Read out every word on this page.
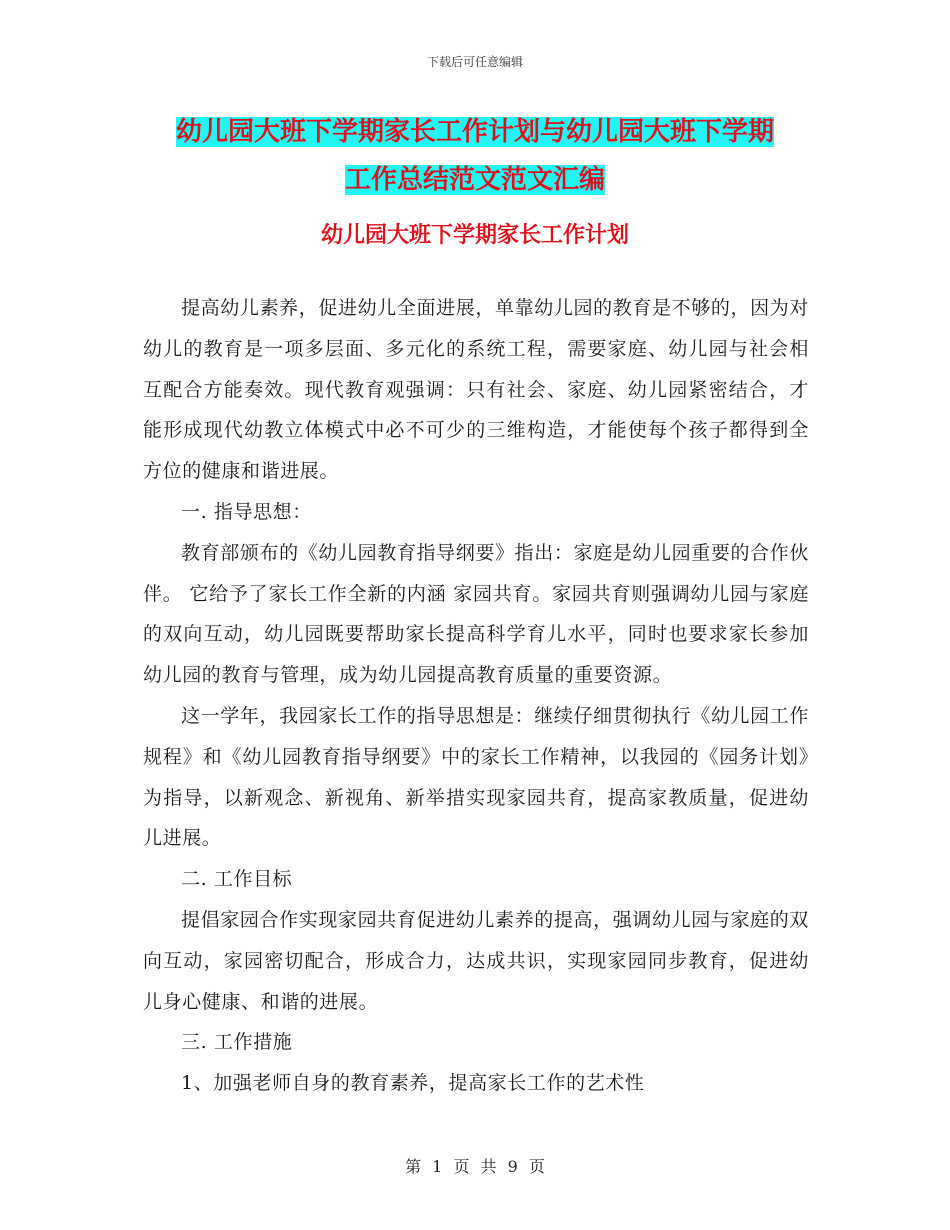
下载后可任意编辑
幼儿园大班下学期家长工作计划与幼儿园大班下学期
工作总结范文范文汇编
幼儿园大班下学期家长工作计划

提高幼儿素养，促进幼儿全面进展，单靠幼儿园的教育是不够的，因为对幼儿的教育是一项多层面、多元化的系统工程，需要家庭、幼儿园与社会相互配合方能奏效。现代教育观强调：只有社会、家庭、幼儿园紧密结合，才能形成现代幼教立体模式中必不可少的三维构造，才能使每个孩子都得到全方位的健康和谐进展。

一. 指导思想：

教育部颁布的《幼儿园教育指导纲要》指出：家庭是幼儿园重要的合作伙伴。 它给予了家长工作全新的内涵 家园共育。家园共育则强调幼儿园与家庭的双向互动，幼儿园既要帮助家长提高科学育儿水平，同时也要求家长参加幼儿园的教育与管理，成为幼儿园提高教育质量的重要资源。

这一学年，我园家长工作的指导思想是：继续仔细贯彻执行《幼儿园工作规程》和《幼儿园教育指导纲要》中的家长工作精神，以我园的《园务计划》为指导，以新观念、新视角、新举措实现家园共育，提高家教质量，促进幼儿进展。

二. 工作目标

提倡家园合作实现家园共育促进幼儿素养的提高，强调幼儿园与家庭的双向互动，家园密切配合，形成合力，达成共识，实现家园同步教育，促进幼儿身心健康、和谐的进展。

三. 工作措施

1、加强老师自身的教育素养，提高家长工作的艺术性

第 1 页 共 9 页
